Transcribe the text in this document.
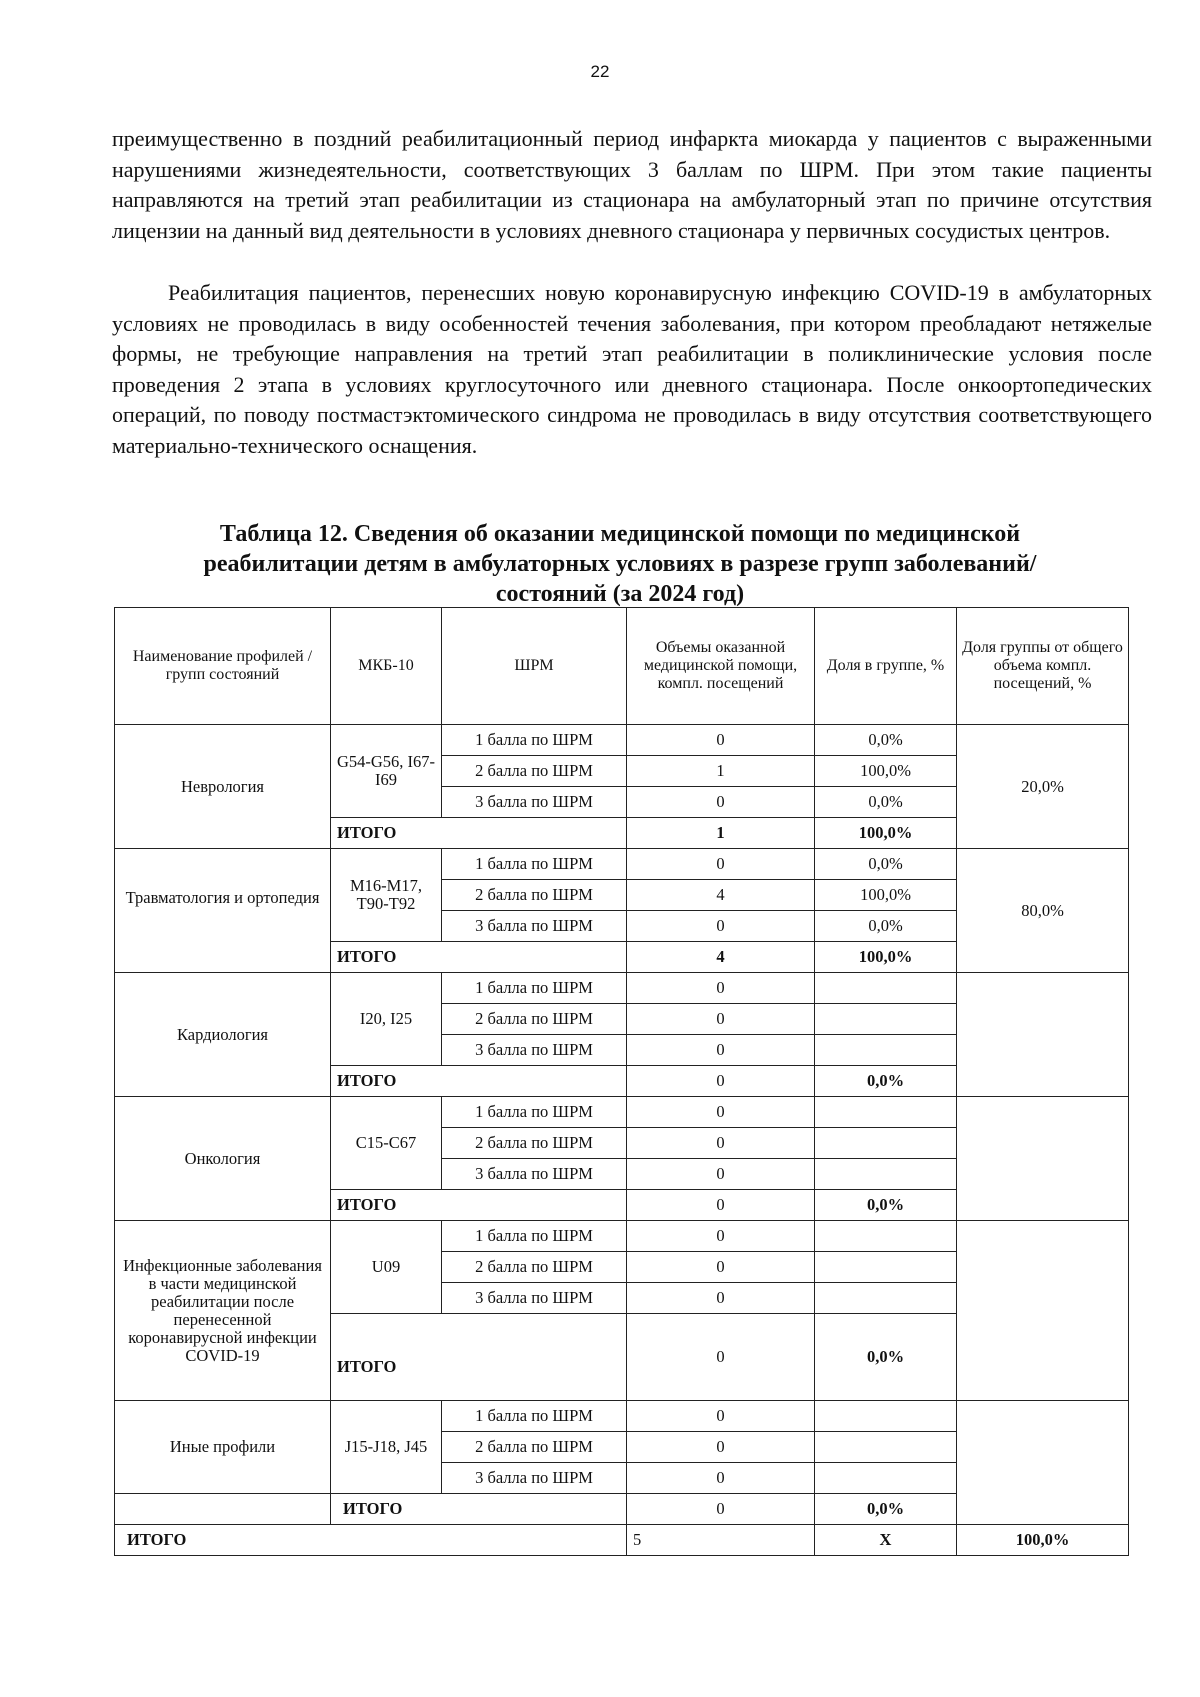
22

преимущественно в поздний реабилитационный период инфаркта миокарда у пациентов с выраженными нарушениями жизнедеятельности, соответствующих 3 баллам по ШРМ. При этом такие пациенты направляются на третий этап реабилитации из стационара на амбулаторный этап по причине отсутствия лицензии на данный вид деятельности в условиях дневного стационара у первичных сосудистых центров.

Реабилитация пациентов, перенесших новую коронавирусную инфекцию COVID-19 в амбулаторных условиях не проводилась в виду особенностей течения заболевания, при котором преобладают нетяжелые формы, не требующие направления на третий этап реабилитации в поликлинические условия после проведения 2 этапа в условиях круглосуточного или дневного стационара. После онкоортопедических операций, по поводу постмастэктомического синдрома не проводилась в виду отсутствия соответствующего материально-технического оснащения.

Таблица 12. Сведения об оказании медицинской помощи по медицинской реабилитации детям в амбулаторных условиях в разрезе групп заболеваний/состояний (за 2024 год)

Наименование профилей / групп состояний	МКБ-10	ШРМ	Объемы оказанной медицинской помощи, компл. посещений	Доля в группе, %	Доля группы от общего объема компл. посещений, %
Неврология	G54-G56, I67-I69	1 балла по ШРМ	0	0,0%	20,0%
		2 балла по ШРМ	1	100,0%	
		3 балла по ШРМ	0	0,0%	
	ИТОГО		1	100,0%	
Травматология и ортопедия	М16-М17, Т90-Т92	1 балла по ШРМ	0	0,0%	80,0%
		2 балла по ШРМ	4	100,0%	
		3 балла по ШРМ	0	0,0%	
	ИТОГО		4	100,0%	
Кардиология	I20, I25	1 балла по ШРМ	0		
		2 балла по ШРМ	0		
		3 балла по ШРМ	0		
	ИТОГО		0	0,0%	
Онкология	С15-С67	1 балла по ШРМ	0		
		2 балла по ШРМ	0		
		3 балла по ШРМ	0		
	ИТОГО		0	0,0%	
Инфекционные заболевания в части медицинской реабилитации после перенесенной коронавирусной инфекции COVID-19	U09	1 балла по ШРМ	0		
		2 балла по ШРМ	0		
		3 балла по ШРМ	0		
	ИТОГО		0	0,0%	
Иные профили	J15-J18, J45	1 балла по ШРМ	0		
		2 балла по ШРМ	0		
		3 балла по ШРМ	0		
	ИТОГО		0	0,0%	
ИТОГО			5	Х	100,0%
